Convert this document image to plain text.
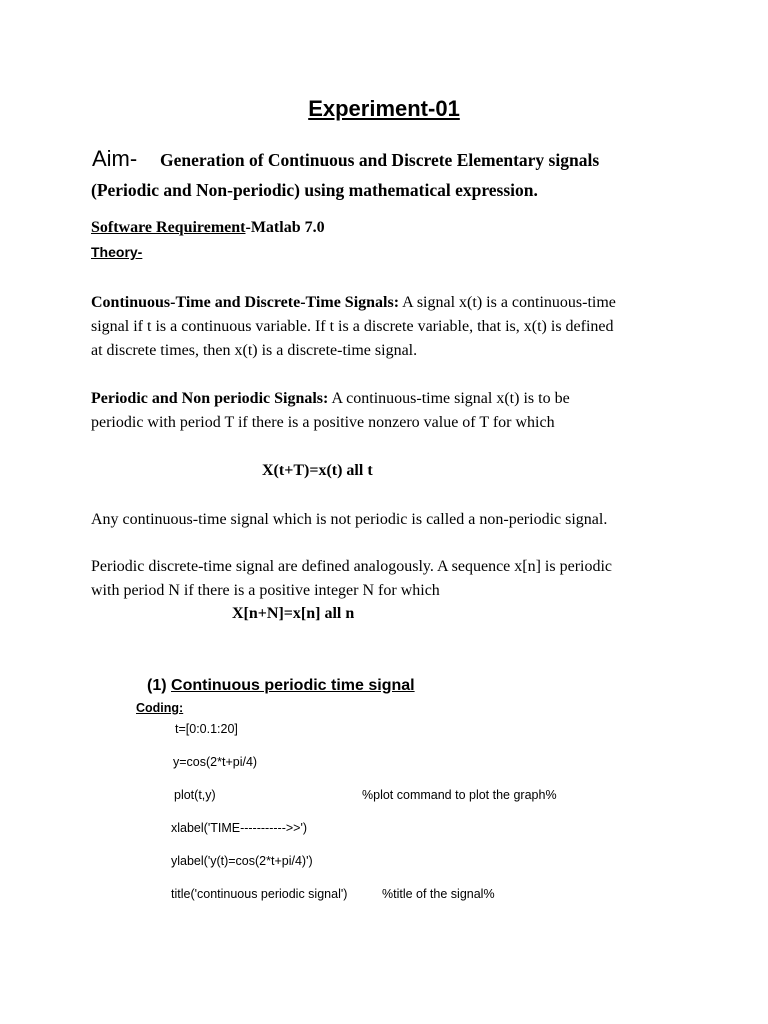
Experiment-01
Aim- Generation of Continuous and Discrete Elementary signals
(Periodic and Non-periodic) using mathematical expression.
Software Requirement-Matlab 7.0
Theory-
Continuous-Time and Discrete-Time Signals: A signal x(t) is a continuous-time
signal if t is a continuous variable. If t is a discrete variable, that is, x(t) is defined
at discrete times, then x(t) is a discrete-time signal.
Periodic and Non periodic Signals: A continuous-time signal x(t) is to be
periodic with period T if there is a positive nonzero value of T for which
X(t+T)=x(t) all t
Any continuous-time signal which is not periodic is called a non-periodic signal.
Periodic discrete-time signal are defined analogously. A sequence x[n] is periodic
with period N if there is a positive integer N for which
X[n+N]=x[n] all n
(1) Continuous periodic time signal
Coding:
t=[0:0.1:20]
y=cos(2*t+pi/4)
plot(t,y)	%plot command to plot the graph%
xlabel('TIME----------->>')
ylabel('y(t)=cos(2*t+pi/4)')
title('continuous periodic signal')	%title of the signal%
